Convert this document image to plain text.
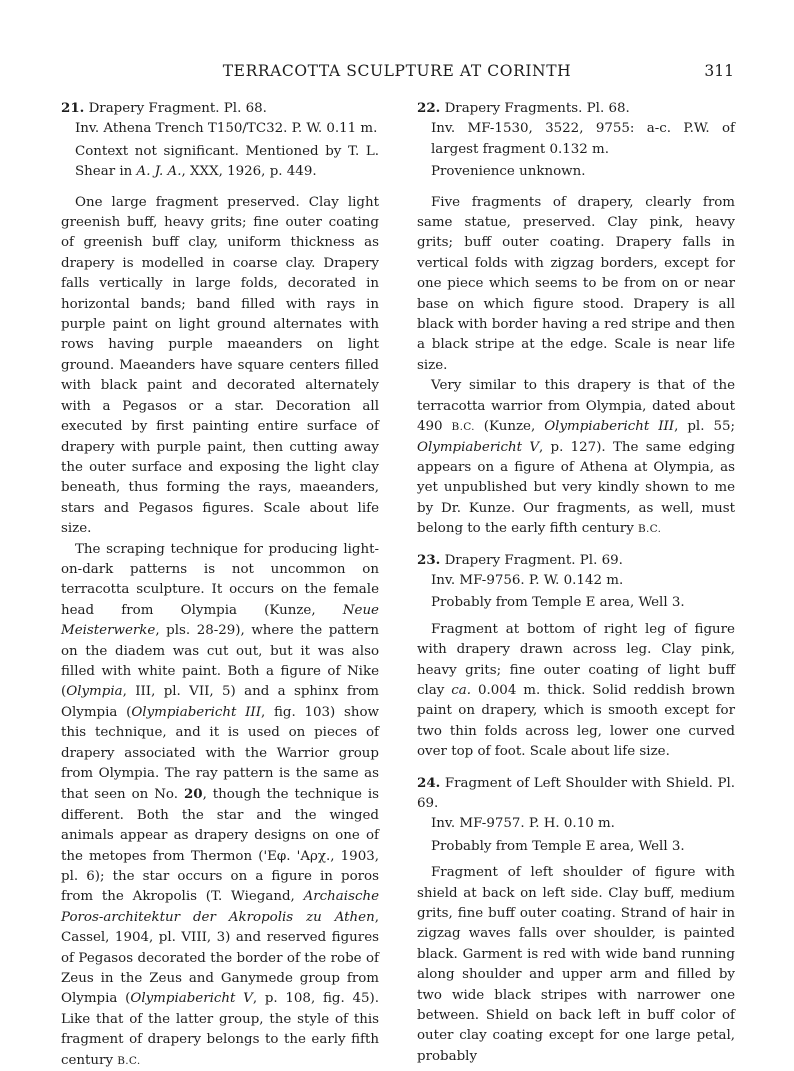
TERRACOTTA SCULPTURE AT CORINTH	311

21. Drapery Fragment. Pl. 68.

Inv. Athena Trench T150/TC32. P. W. 0.11 m.

Context not significant. Mentioned by T. L. Shear in A. J. A., XXX, 1926, p. 449.

One large fragment preserved. Clay light greenish buff, heavy grits; fine outer coating of greenish buff clay, uniform thickness as drapery is modelled in coarse clay. Drapery falls vertically in large folds, decorated in horizontal bands; band filled with rays in purple paint on light ground alternates with rows having purple maeanders on light ground. Maeanders have square centers filled with black paint and decorated alternately with a Pegasos or a star. Decoration all executed by first painting entire surface of drapery with purple paint, then cutting away the outer surface and exposing the light clay beneath, thus forming the rays, maeanders, stars and Pegasos figures. Scale about life size.

The scraping technique for producing light-on-dark patterns is not uncommon on terracotta sculpture. It occurs on the female head from Olympia (Kunze, Neue Meisterwerke, pls. 28-29), where the pattern on the diadem was cut out, but it was also filled with white paint. Both a figure of Nike (Olympia, III, pl. VII, 5) and a sphinx from Olympia (Olympiabericht III, fig. 103) show this technique, and it is used on pieces of drapery associated with the Warrior group from Olympia. The ray pattern is the same as that seen on No. 20, though the technique is different. Both the star and the winged animals appear as drapery designs on one of the metopes from Thermon ('Εφ. 'Αρχ., 1903, pl. 6); the star occurs on a figure in poros from the Akropolis (T. Wiegand, Archaische Poros-architektur der Akropolis zu Athen, Cassel, 1904, pl. VIII, 3) and reserved figures of Pegasos decorated the border of the robe of Zeus in the Zeus and Ganymede group from Olympia (Olympiabericht V, p. 108, fig. 45). Like that of the latter group, the style of this fragment of drapery belongs to the early fifth century B.C.

22. Drapery Fragments. Pl. 68.

Inv. MF-1530, 3522, 9755: a-c. P.W. of largest fragment 0.132 m.

Provenience unknown.

Five fragments of drapery, clearly from same statue, preserved. Clay pink, heavy grits; buff outer coating. Drapery falls in vertical folds with zigzag borders, except for one piece which seems to be from on or near base on which figure stood. Drapery is all black with border having a red stripe and then a black stripe at the edge. Scale is near life size.

Very similar to this drapery is that of the terracotta warrior from Olympia, dated about 490 B.C. (Kunze, Olympiabericht III, pl. 55; Olympiabericht V, p. 127). The same edging appears on a figure of Athena at Olympia, as yet unpublished but very kindly shown to me by Dr. Kunze. Our fragments, as well, must belong to the early fifth century B.C.

23. Drapery Fragment. Pl. 69.

Inv. MF-9756. P. W. 0.142 m.

Probably from Temple E area, Well 3.

Fragment at bottom of right leg of figure with drapery drawn across leg. Clay pink, heavy grits; fine outer coating of light buff clay ca. 0.004 m. thick. Solid reddish brown paint on drapery, which is smooth except for two thin folds across leg, lower one curved over top of foot. Scale about life size.

24. Fragment of Left Shoulder with Shield. Pl. 69.

Inv. MF-9757. P. H. 0.10 m.

Probably from Temple E area, Well 3.

Fragment of left shoulder of figure with shield at back on left side. Clay buff, medium grits, fine buff outer coating. Strand of hair in zigzag waves falls over shoulder, is painted black. Garment is red with wide band running along shoulder and upper arm and filled by two wide black stripes with narrower one between. Shield on back left in buff color of outer clay coating except for one large petal, probably
